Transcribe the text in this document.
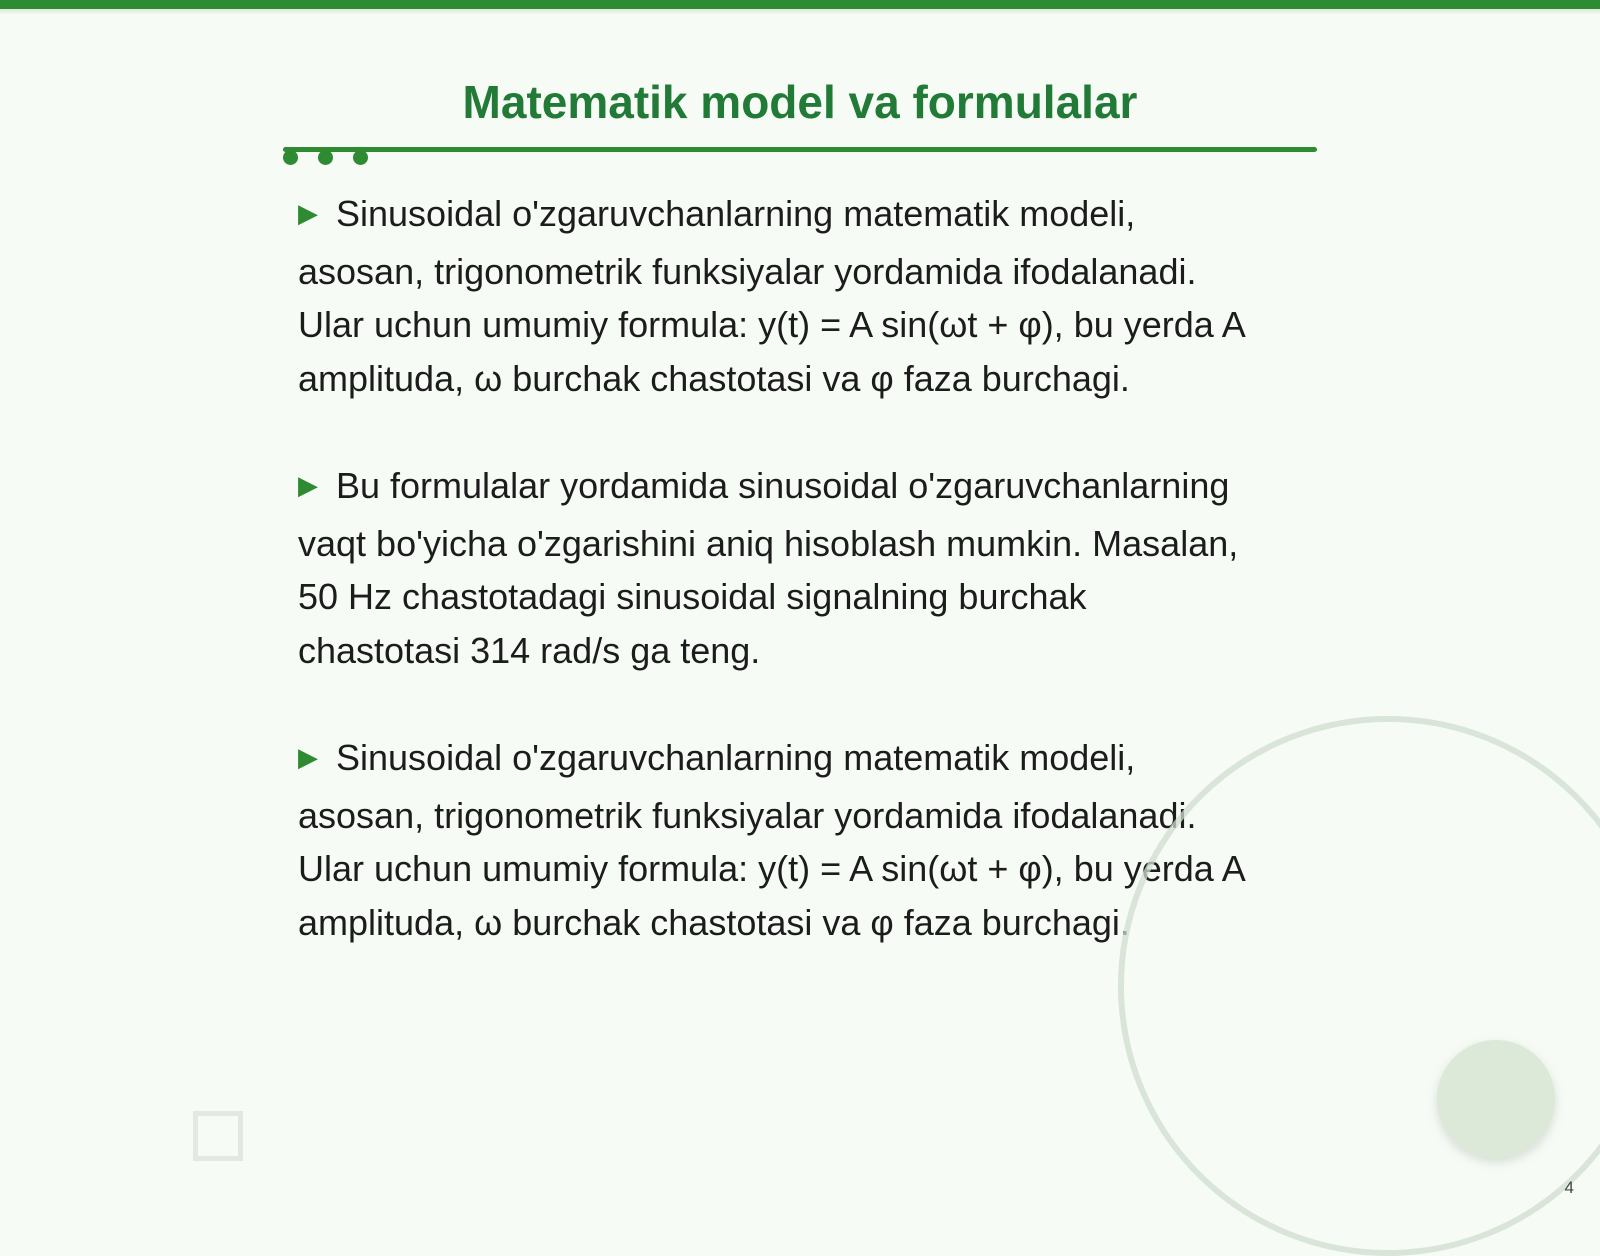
Matematik model va formulalar

▶ Sinusoidal o'zgaruvchanlarning matematik modeli, asosan, trigonometrik funksiyalar yordamida ifodalanadi. Ular uchun umumiy formula: y(t) = A sin(ωt + φ), bu yerda A amplituda, ω burchak chastotasi va φ faza burchagi.

▶ Bu formulalar yordamida sinusoidal o'zgaruvchanlarning vaqt bo'yicha o'zgarishini aniq hisoblash mumkin. Masalan, 50 Hz chastotadagi sinusoidal signalning burchak chastotasi 314 rad/s ga teng.

▶ Sinusoidal o'zgaruvchanlarning matematik modeli, asosan, trigonometrik funksiyalar yordamida ifodalanadi. Ular uchun umumiy formula: y(t) = A sin(ωt + φ), bu yerda A amplituda, ω burchak chastotasi va φ faza burchagi.

4
